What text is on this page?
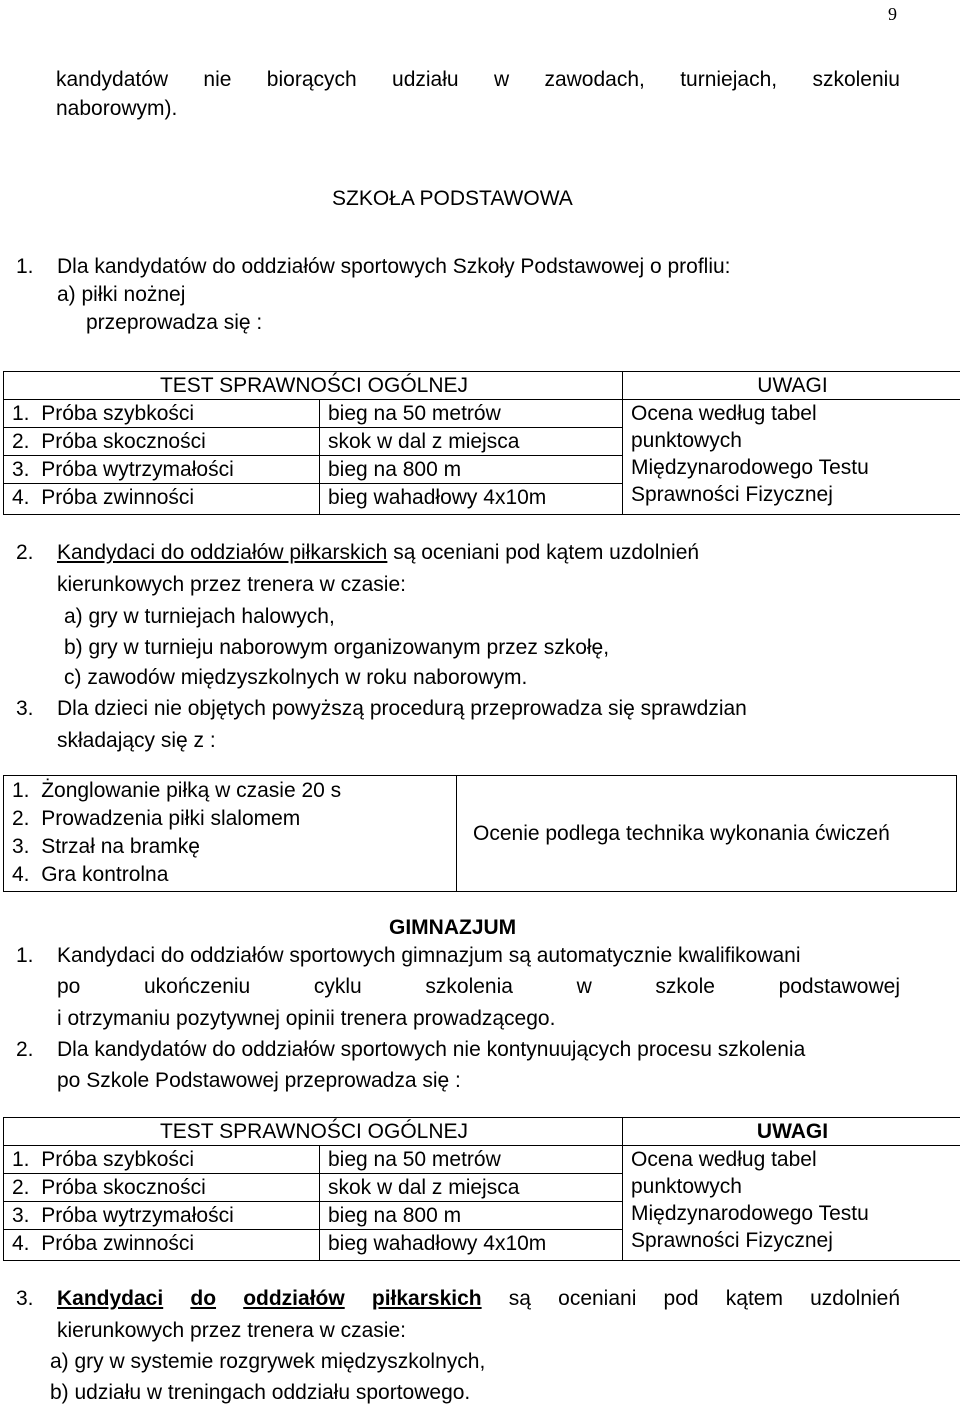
9
kandydatów nie biorących udziału w zawodach, turniejach, szkoleniu
naborowym).
SZKOŁA PODSTAWOWA
1. Dla kandydatów do oddziałów sportowych Szkoły Podstawowej o profliu:
a) piłki nożnej
przeprowadza się :
TEST SPRAWNOŚCI OGÓLNEJ		UWAGI
1. Próba szybkości	bieg na 50 metrów	Ocena według tabel
punktowych
Międzynarodowego Testu
Sprawności Fizycznej

2. Próba skoczności	skok w dal z miejsca	
3. Próba wytrzymałości	bieg na 800 m	
4. Próba zwinności	bieg wahadłowy 4x10m	
2. Kandydaci do oddziałów piłkarskich są oceniani pod kątem uzdolnień
kierunkowych przez trenera w czasie:
a) gry w turniejach halowych,
b) gry w turnieju naborowym organizowanym przez szkołę,
c) zawodów międzyszkolnych w roku naborowym.
3. Dla dzieci nie objętych powyższą procedurą przeprowadza się sprawdzian
składający się z :
1. Żonglowanie piłką w czasie 20 s	Ocenie podlega technika wykonania ćwiczeń
2. Prowadzenia piłki slalomem
3. Strzał na bramkę
4. Gra kontrolna
GIMNAZJUM
1. Kandydaci do oddziałów sportowych gimnazjum są automatycznie kwalifikowani
po	ukończeniu	cyklu	szkolenia	w	szkole	podstawowej
i otrzymaniu pozytywnej opinii trenera prowadzącego.
2. Dla kandydatów do oddziałów sportowych nie kontynuujących procesu szkolenia
po Szkole Podstawowej przeprowadza się :
TEST SPRAWNOŚCI OGÓLNEJ		UWAGI
1. Próba szybkości	bieg na 50 metrów	Ocena według tabel
punktowych
Międzynarodowego Testu
Sprawności Fizycznej

2. Próba skoczności	skok w dal z miejsca	
3. Próba wytrzymałości	bieg na 800 m	
4. Próba zwinności	bieg wahadłowy 4x10m	
3. Kandydaci do oddziałów piłkarskich są oceniani pod kątem uzdolnień
kierunkowych przez trenera w czasie:
a) gry w systemie rozgrywek międzyszkolnych,
b) udziału w treningach oddziału sportowego.
